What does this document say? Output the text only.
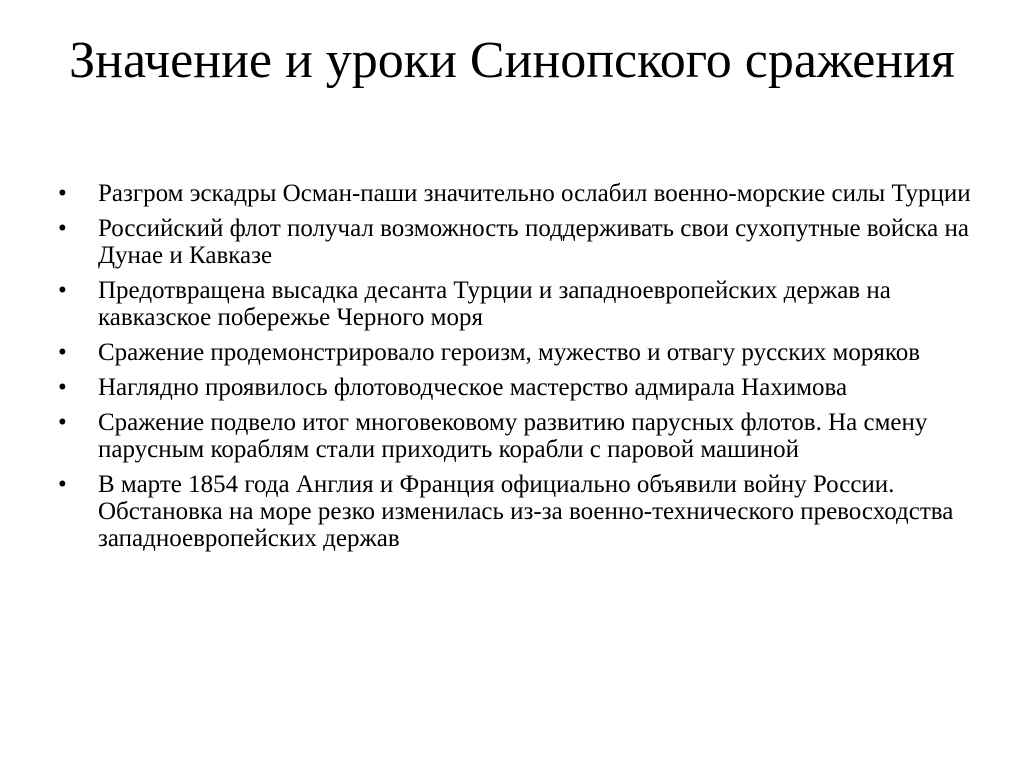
Значение и уроки Синопского сражения
•	Разгром эскадры Осман-паши значительно ослабил военно-морские силы Турции
•	Российский флот получал возможность поддерживать свои сухопутные войска на Дунае и Кавказе
•	Предотвращена высадка десанта Турции и западноевропейских держав на кавказское побережье Черного моря
•	Сражение продемонстрировало героизм, мужество и отвагу русских моряков
•	Наглядно проявилось флотоводческое мастерство адмирала Нахимова
•	Сражение подвело итог многовековому развитию парусных флотов. На смену парусным кораблям стали приходить корабли с паровой машиной
•	В марте 1854 года Англия и Франция официально объявили войну России. Обстановка на море резко изменилась из-за военно-технического превосходства западноевропейских держав
